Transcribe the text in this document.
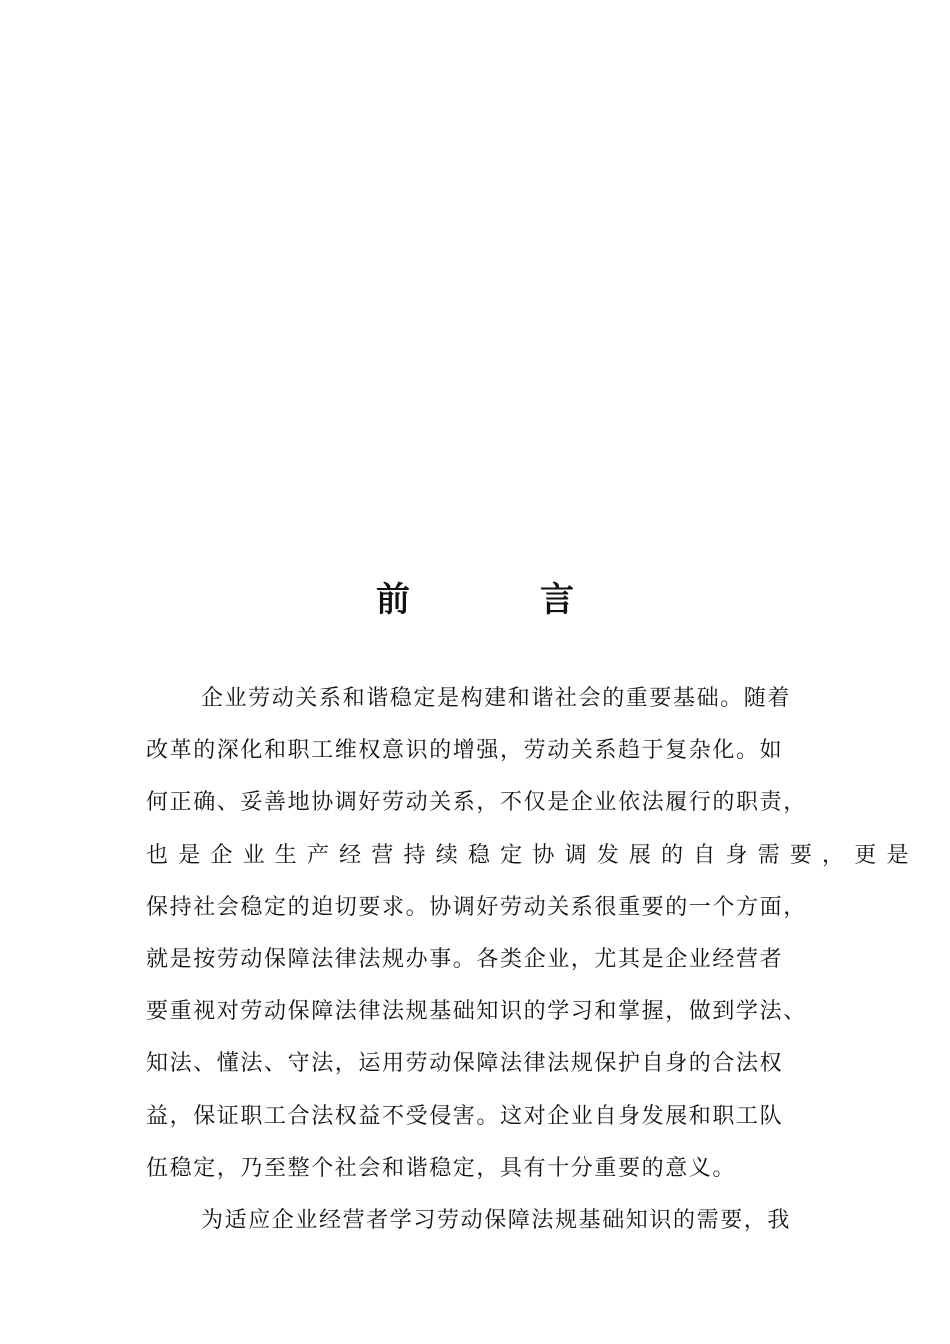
前　言
企业劳动关系和谐稳定是构建和谐社会的重要基础。随着
改革的深化和职工维权意识的增强，劳动关系趋于复杂化。如
何正确、妥善地协调好劳动关系，不仅是企业依法履行的职责，
也 是 企 业 生 产 经 营 持 续 稳 定 协 调 发 展 的 自 身 需 要 ， 更 是
保持社会稳定的迫切要求。协调好劳动关系很重要的一个方面，
就是按劳动保障法律法规办事。各类企业，尤其是企业经营者
要重视对劳动保障法律法规基础知识的学习和掌握，做到学法、
知法、懂法、守法，运用劳动保障法律法规保护自身的合法权
益，保证职工合法权益不受侵害。这对企业自身发展和职工队
伍稳定，乃至整个社会和谐稳定，具有十分重要的意义。
为适应企业经营者学习劳动保障法规基础知识的需要，我
